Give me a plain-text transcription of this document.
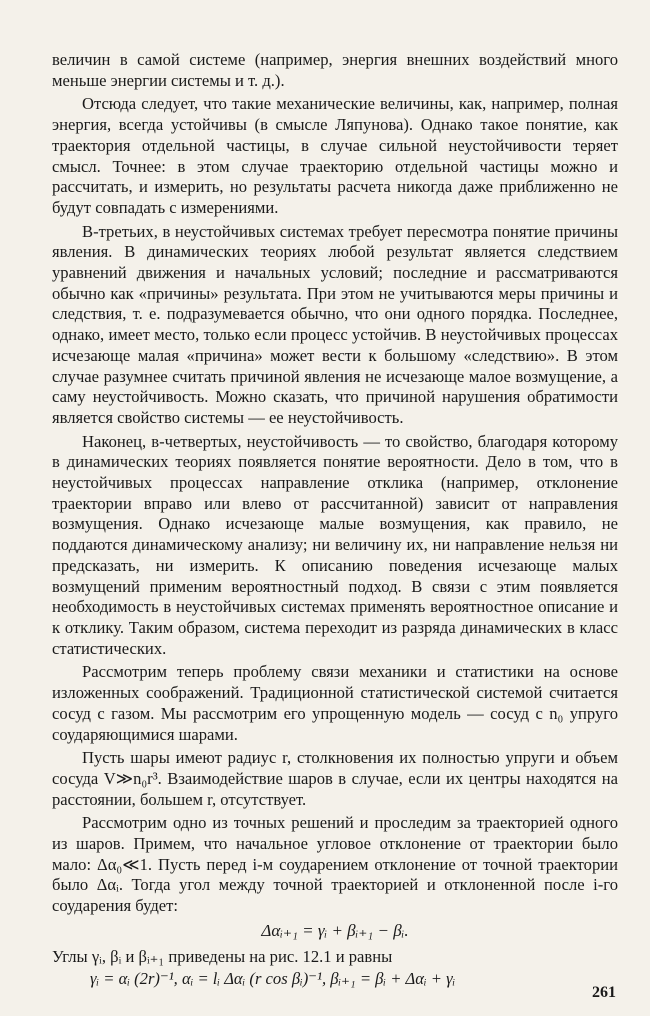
величин в самой системе (например, энергия внешних воздействий много меньше энергии системы и т. д.).

Отсюда следует, что такие механические величины, как, например, полная энергия, всегда устойчивы (в смысле Ляпунова). Однако такое понятие, как траектория отдельной частицы, в случае сильной неустойчивости теряет смысл. Точнее: в этом случае траекторию отдельной частицы можно и рассчитать, и измерить, но результаты расчета никогда даже приближенно не будут совпадать с измерениями.

В-третьих, в неустойчивых системах требует пересмотра понятие причины явления. В динамических теориях любой результат является следствием уравнений движения и начальных условий; последние и рассматриваются обычно как «причины» результата. При этом не учитываются меры причины и следствия, т. е. подразумевается обычно, что они одного порядка. Последнее, однако, имеет место, только если процесс устойчив. В неустойчивых процессах исчезающе малая «причина» может вести к большому «следствию». В этом случае разумнее считать причиной явления не исчезающе малое возмущение, а саму неустойчивость. Можно сказать, что причиной нарушения обратимости является свойство системы — ее неустойчивость.

Наконец, в-четвертых, неустойчивость — то свойство, благодаря которому в динамических теориях появляется понятие вероятности. Дело в том, что в неустойчивых процессах направление отклика (например, отклонение траектории вправо или влево от рассчитанной) зависит от направления возмущения. Однако исчезающе малые возмущения, как правило, не поддаются динамическому анализу; ни величину их, ни направление нельзя ни предсказать, ни измерить. К описанию поведения исчезающе малых возмущений применим вероятностный подход. В связи с этим появляется необходимость в неустойчивых системах применять вероятностное описание и к отклику. Таким образом, система переходит из разряда динамических в класс статистических.

Рассмотрим теперь проблему связи механики и статистики на основе изложенных соображений. Традиционной статистической системой считается сосуд с газом. Мы рассмотрим его упрощенную модель — сосуд с n₀ упруго соударяющимися шарами.

Пусть шары имеют радиус r, столкновения их полностью упруги и объем сосуда V≫n₀r³. Взаимодействие шаров в случае, если их центры находятся на расстоянии, большем r, отсутствует.

Рассмотрим одно из точных решений и проследим за траекторией одного из шаров. Примем, что начальное угловое отклонение от траектории было мало: Δα₀≪1. Пусть перед i-м соударением отклонение от точной траектории было Δαᵢ. Тогда угол между точной траекторией и отклоненной после i-го соударения будет:

Δαᵢ₊₁ = γᵢ + βᵢ₊₁ − βᵢ.

Углы γᵢ, βᵢ и βᵢ₊₁ приведены на рис. 12.1 и равны

γᵢ = αᵢ (2r)⁻¹, αᵢ = lᵢ Δαᵢ (r cos βᵢ)⁻¹, βᵢ₊₁ = βᵢ + Δαᵢ + γᵢ
261
